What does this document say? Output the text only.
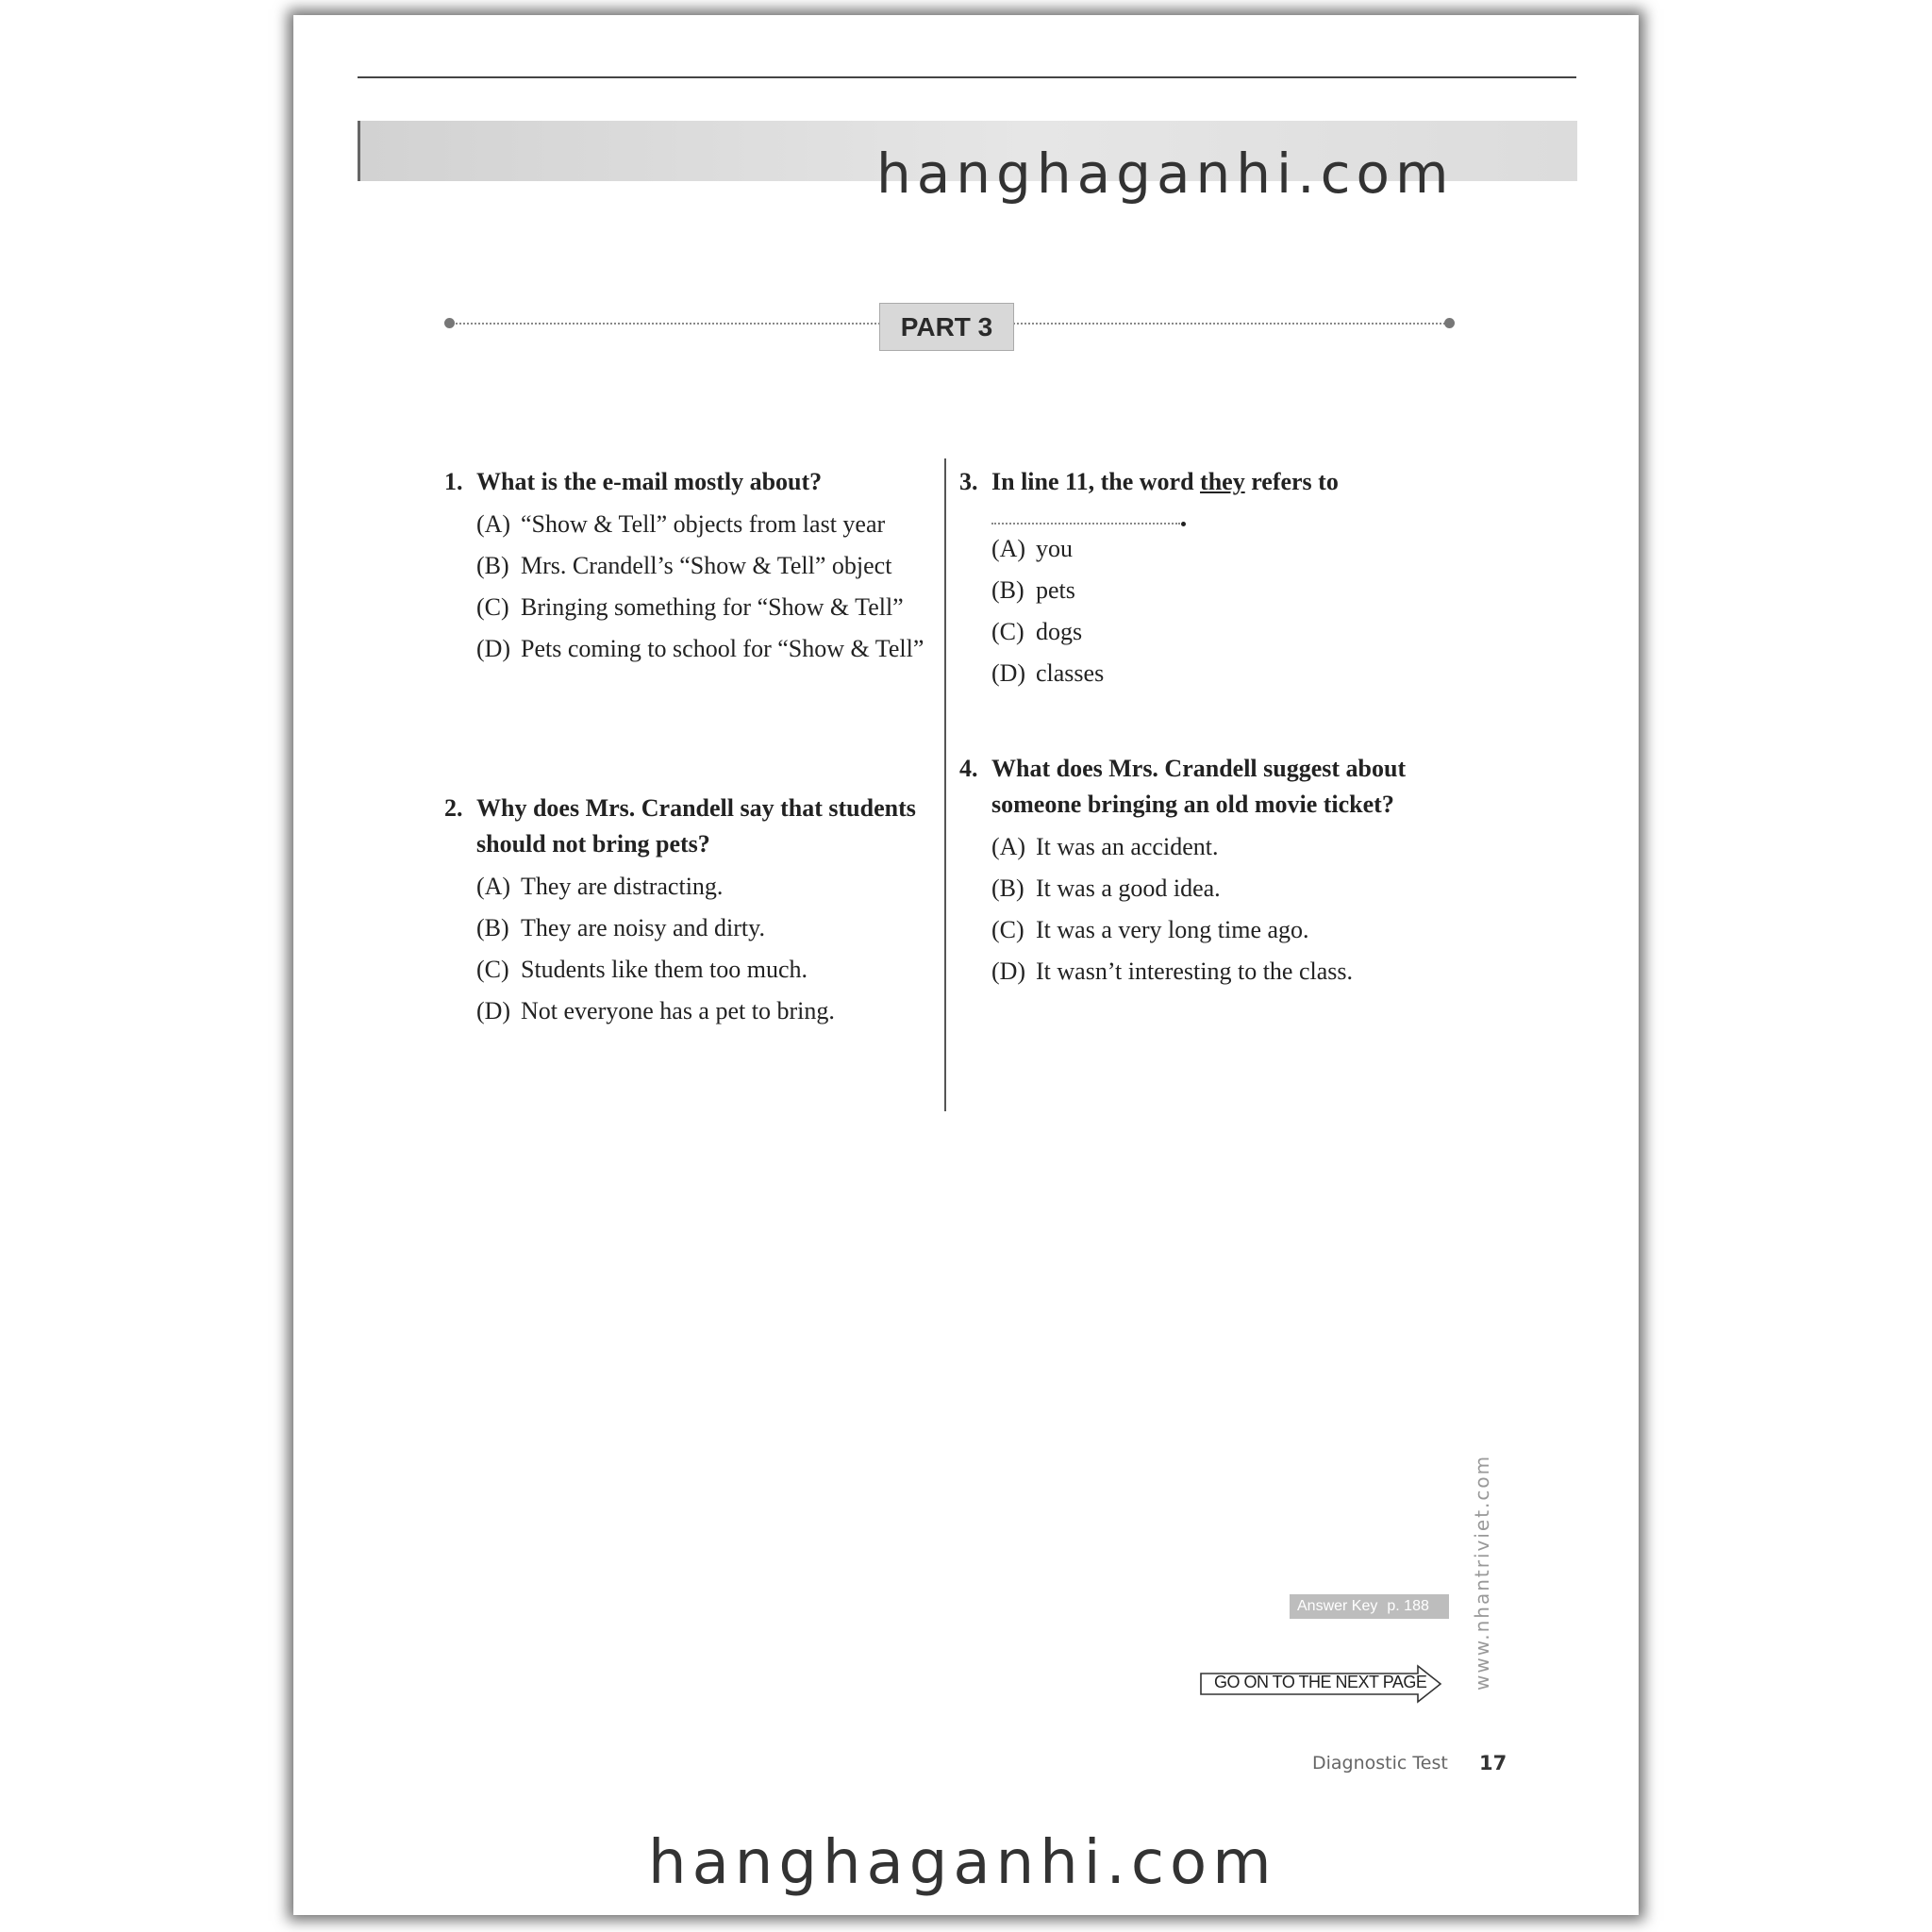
hanghaganhi.com
PART 3
1. What is the e-mail mostly about?
(A) “Show & Tell” objects from last year
(B) Mrs. Crandell’s “Show & Tell” object
(C) Bringing something for “Show & Tell”
(D) Pets coming to school for “Show & Tell”
2. Why does Mrs. Crandell say that students should not bring pets?
(A) They are distracting.
(B) They are noisy and dirty.
(C) Students like them too much.
(D) Not everyone has a pet to bring.
3. In line 11, the word they refers to
(A) you
(B) pets
(C) dogs
(D) classes
4. What does Mrs. Crandell suggest about someone bringing an old movie ticket?
(A) It was an accident.
(B) It was a good idea.
(C) It was a very long time ago.
(D) It wasn’t interesting to the class.
Answer Key p. 188 www.nhantriviet.com
GO ON TO THE NEXT PAGE
Diagnostic Test 17
hanghaganhi.com
